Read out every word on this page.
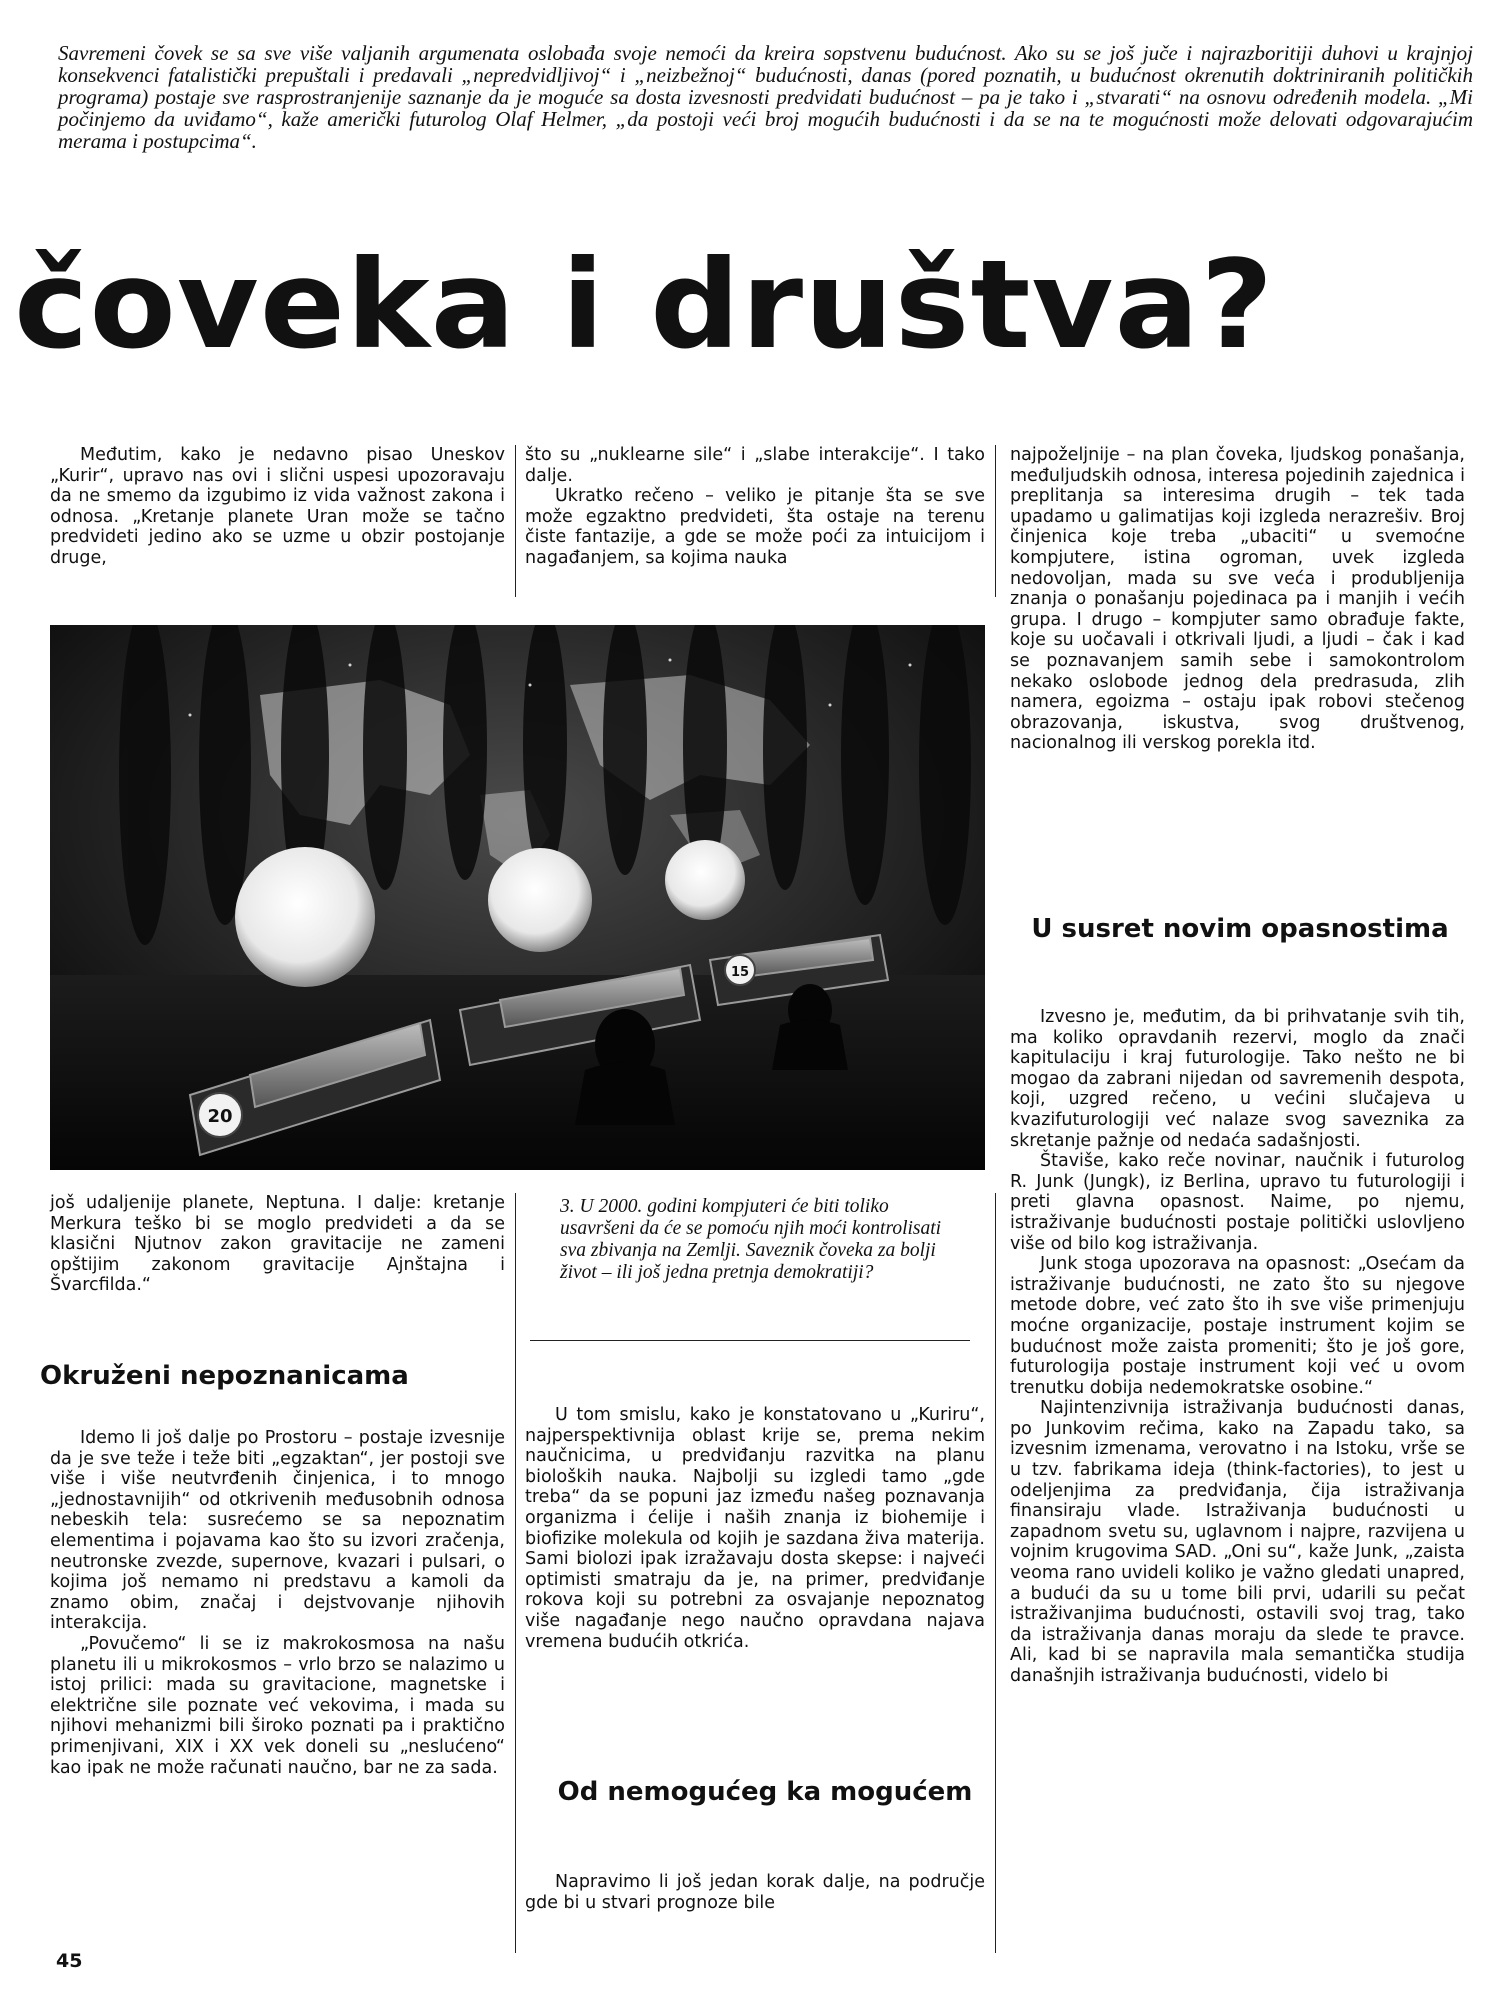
Savremeni čovek se sa sve više valjanih argumenata oslobađa svoje nemoći da kreira sopstvenu budućnost. Ako su se još juče i najrazboritiji duhovi u krajnjoj konsekvenci fatalistički prepuštali i predavali „nepredvidljivoj“ i „neizbežnoj“ budućnosti, danas (pored poznatih, u budućnost okrenutih doktriniranih političkih programa) postaje sve rasprostranjenije saznanje da je moguće sa dosta izvesnosti predvidati budućnost – pa je tako i „stvarati“ na osnovu određenih modela. „Mi počinjemo da uviđamo“, kaže američki futurolog Olaf Helmer, „da postoji veći broj mogućih budućnosti i da se na te mogućnosti može delovati odgovarajućim merama i postupcima“.

čoveka i društva?

Međutim, kako je nedavno pisao Uneskov „Kurir“, upravo nas ovi i slični uspesi upozoravaju da ne smemo da izgubimo iz vida važnost zakona i odnosa. „Kretanje planete Uran može se tačno predvideti jedino ako se uzme u obzir postojanje druge,

što su „nuklearne sile“ i „slabe interakcije“. I tako dalje.

Ukratko rečeno – veliko je pitanje šta se sve može egzaktno predvideti, šta ostaje na terenu čiste fantazije, a gde se može poći za intuicijom i nagađanjem, sa kojima nauka

najpoželjnije – na plan čoveka, ljudskog ponašanja, međuljudskih odnosa, interesa pojedinih zajednica i preplitanja sa interesima drugih – tek tada upadamo u galimatijas koji izgleda nerazrešiv. Broj činjenica koje treba „ubaciti“ u svemoćne kompjutere, istina ogroman, uvek izgleda nedovoljan, mada su sve veća i produbljenija znanja o ponašanju pojedinaca pa i manjih i većih grupa. I drugo – kompjuter samo obrađuje fakte, koje su uočavali i otkrivali ljudi, a ljudi – čak i kad se poznavanjem samih sebe i samokontrolom nekako oslobode jednog dela predrasuda, zlih namera, egoizma – ostaju ipak robovi stečenog obrazovanja, iskustva, svog društvenog, nacionalnog ili verskog porekla itd.

U susret novim opasnostima

Izvesno je, međutim, da bi prihvatanje svih tih, ma koliko opravdanih rezervi, moglo da znači kapitulaciju i kraj futurologije. Tako nešto ne bi mogao da zabrani nijedan od savremenih despota, koji, uzgred rečeno, u većini slučajeva u kvazifuturologiji već nalaze svog saveznika za skretanje pažnje od nedaća sadašnjosti.

Štaviše, kako reče novinar, naučnik i futurolog R. Junk (Jungk), iz Berlina, upravo tu futurologiji i preti glavna opasnost. Naime, po njemu, istraživanje budućnosti postaje politički uslovljeno više od bilo kog istraživanja.

Junk stoga upozorava na opasnost: „Osećam da istraživanje budućnosti, ne zato što su njegove metode dobre, već zato što ih sve više primenjuju moćne organizacije, postaje instrument kojim se budućnost može zaista promeniti; što je još gore, futurologija postaje instrument koji već u ovom trenutku dobija nedemokratske osobine.“

Najintenzivnija istraživanja budućnosti danas, po Junkovim rečima, kako na Zapadu tako, sa izvesnim izmenama, verovatno i na Istoku, vrše se u tzv. fabrikama ideja (think-factories), to jest u odeljenjima za predviđanja, čija istraživanja finansiraju vlade. Istraživanja budućnosti u zapadnom svetu su, uglavnom i najpre, razvijena u vojnim krugovima SAD. „Oni su“, kaže Junk, „zaista veoma rano uvideli koliko je važno gledati unapred, a budući da su u tome bili prvi, udarili su pečat istraživanjima budućnosti, ostavili svoj trag, tako da istraživanja danas moraju da slede te pravce. Ali, kad bi se napravila mala semantička studija današnjih istraživanja budućnosti, videlo bi

20
15

još udaljenije planete, Neptuna. I dalje: kretanje Merkura teško bi se moglo predvideti a da se klasični Njutnov zakon gravitacije ne zameni opštijim zakonom gravitacije Ajnštajna i Švarcfilda.“

Okruženi nepoznanicama

Idemo li još dalje po Prostoru – postaje izvesnije da je sve teže i teže biti „egzaktan“, jer postoji sve više i više neutvrđenih činjenica, i to mnogo „jednostavnijih“ od otkrivenih međusobnih odnosa nebeskih tela: susrećemo se sa nepoznatim elementima i pojavama kao što su izvori zračenja, neutronske zvezde, supernove, kvazari i pulsari, o kojima još nemamo ni predstavu a kamoli da znamo obim, značaj i dejstvovanje njihovih interakcija.

„Povučemo“ li se iz makrokosmosa na našu planetu ili u mikrokosmos – vrlo brzo se nalazimo u istoj prilici: mada su gravitacione, magnetske i električne sile poznate već vekovima, i mada su njihovi mehanizmi bili široko poznati pa i praktično primenjivani, XIX i XX vek doneli su „neslućeno“ kao ipak ne može računati naučno, bar ne za sada.

3. U 2000. godini kompjuteri će biti toliko usavršeni da će se pomoću njih moći kontrolisati sva zbivanja na Zemlji. Saveznik čoveka za bolji život – ili još jedna pretnja demokratiji?

U tom smislu, kako je konstatovano u „Kuriru“, najperspektivnija oblast krije se, prema nekim naučnicima, u predviđanju razvitka na planu bioloških nauka. Najbolji su izgledi tamo „gde treba“ da se popuni jaz između našeg poznavanja organizma i ćelije i naših znanja iz biohemije i biofizike molekula od kojih je sazdana živa materija. Sami biolozi ipak izražavaju dosta skepse: i najveći optimisti smatraju da je, na primer, predviđanje rokova koji su potrebni za osvajanje nepoznatog više nagađanje nego naučno opravdana najava vremena budućih otkrića.

Od nemogućeg ka mogućem

Napravimo li još jedan korak dalje, na područje gde bi u stvari prognoze bile

45
